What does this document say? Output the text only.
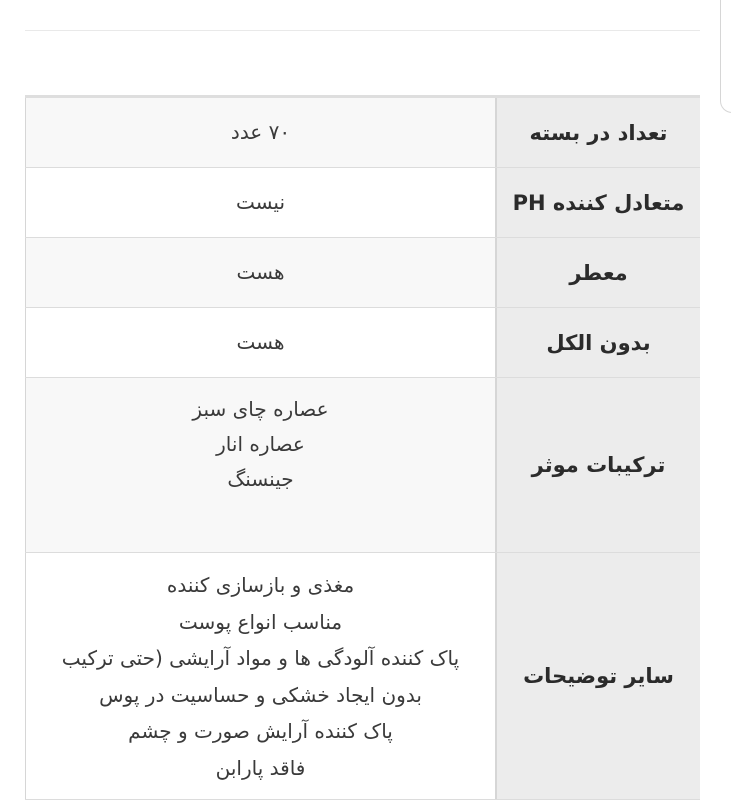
تعداد در بسته
۷۰ عدد
متعادل کننده PH
نیست
معطر
هست
بدون الکل
هست
ترکیبات موثر
عصاره چای سبز
عصاره انار
جینسنگ
سایر توضیحات
مغذی و بازسازی کننده
مناسب انواع پوست
پاک کننده آلودگی ها و مواد آرایشی (حتی ترکیب
بدون ایجاد خشکی و حساسیت در پوس
پاک کننده آرایش صورت و چشم
فاقد پارابن
